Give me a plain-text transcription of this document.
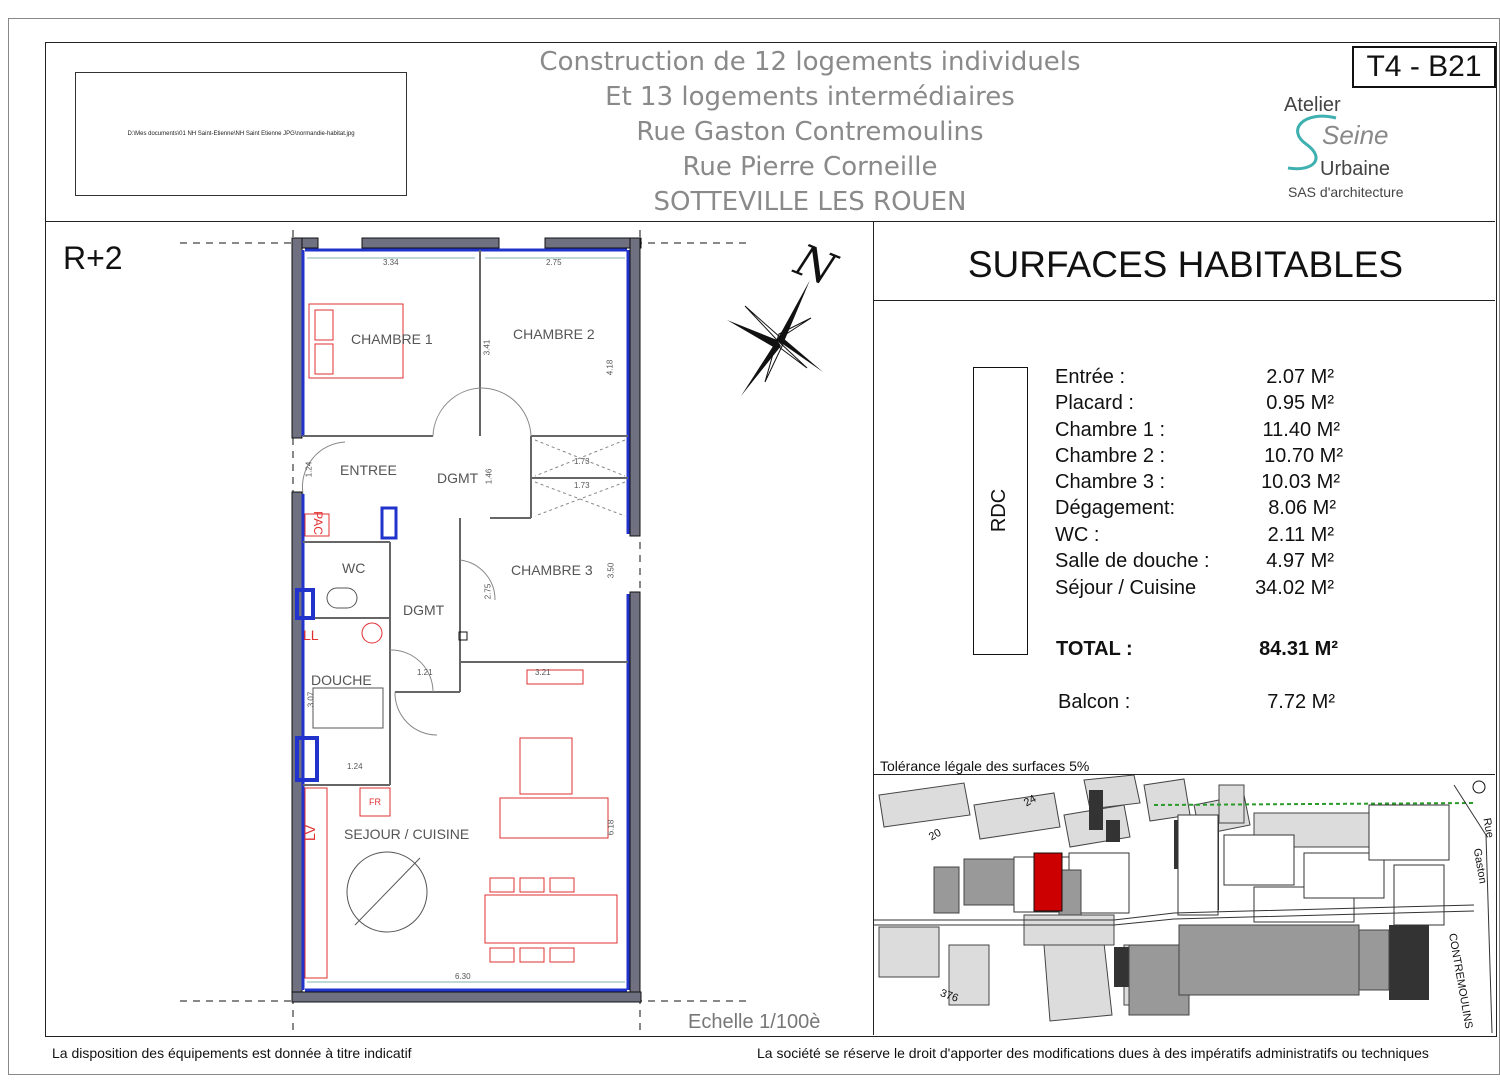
D:\Mes documents\01 NH Saint-Etienne\NH Saint Etienne JPG\normandie-habitat.jpg
Construction de 12 logements individuels
Et 13 logements intermédiaires
Rue Gaston Contremoulins
Rue Pierre Corneille
SOTTEVILLE LES ROUEN
T4 - B21
Atelier
Seine
Urbaine
SAS d'architecture
R+2
CHAMBRE 1	CHAMBRE 2
CHAMBRE 3
ENTREE	DGMT
DGMT
WC
DOUCHE
SEJOUR / CUISINE
PAC
LL
LV
FR
3.34	2.75
3.41
4.18
1.73
1.73
1.46
1.24
2.75
3.50
1.21	3.21
3.07
1.24
6.30
6.18
N
Echelle 1/100è
SURFACES HABITABLES
RDC
Entrée :	2.07 M²
Placard :	0.95 M²
Chambre 1 :	11.40 M²
Chambre 2 :	10.70 M²
Chambre 3 :	10.03 M²
Dégagement:	8.06 M²
WC :	2.11 M²
Salle de douche :	4.97 M²
Séjour / Cuisine	34.02 M²
TOTAL :	84.31 M²
Balcon :	7.72 M²
Tolérance légale des surfaces 5%
24
20
376
Rue
Gaston
CONTREMOULINS
La disposition des équipements est donnée à titre indicatif	La société se réserve le droit d'apporter des modifications dues à des impératifs administratifs ou techniques
